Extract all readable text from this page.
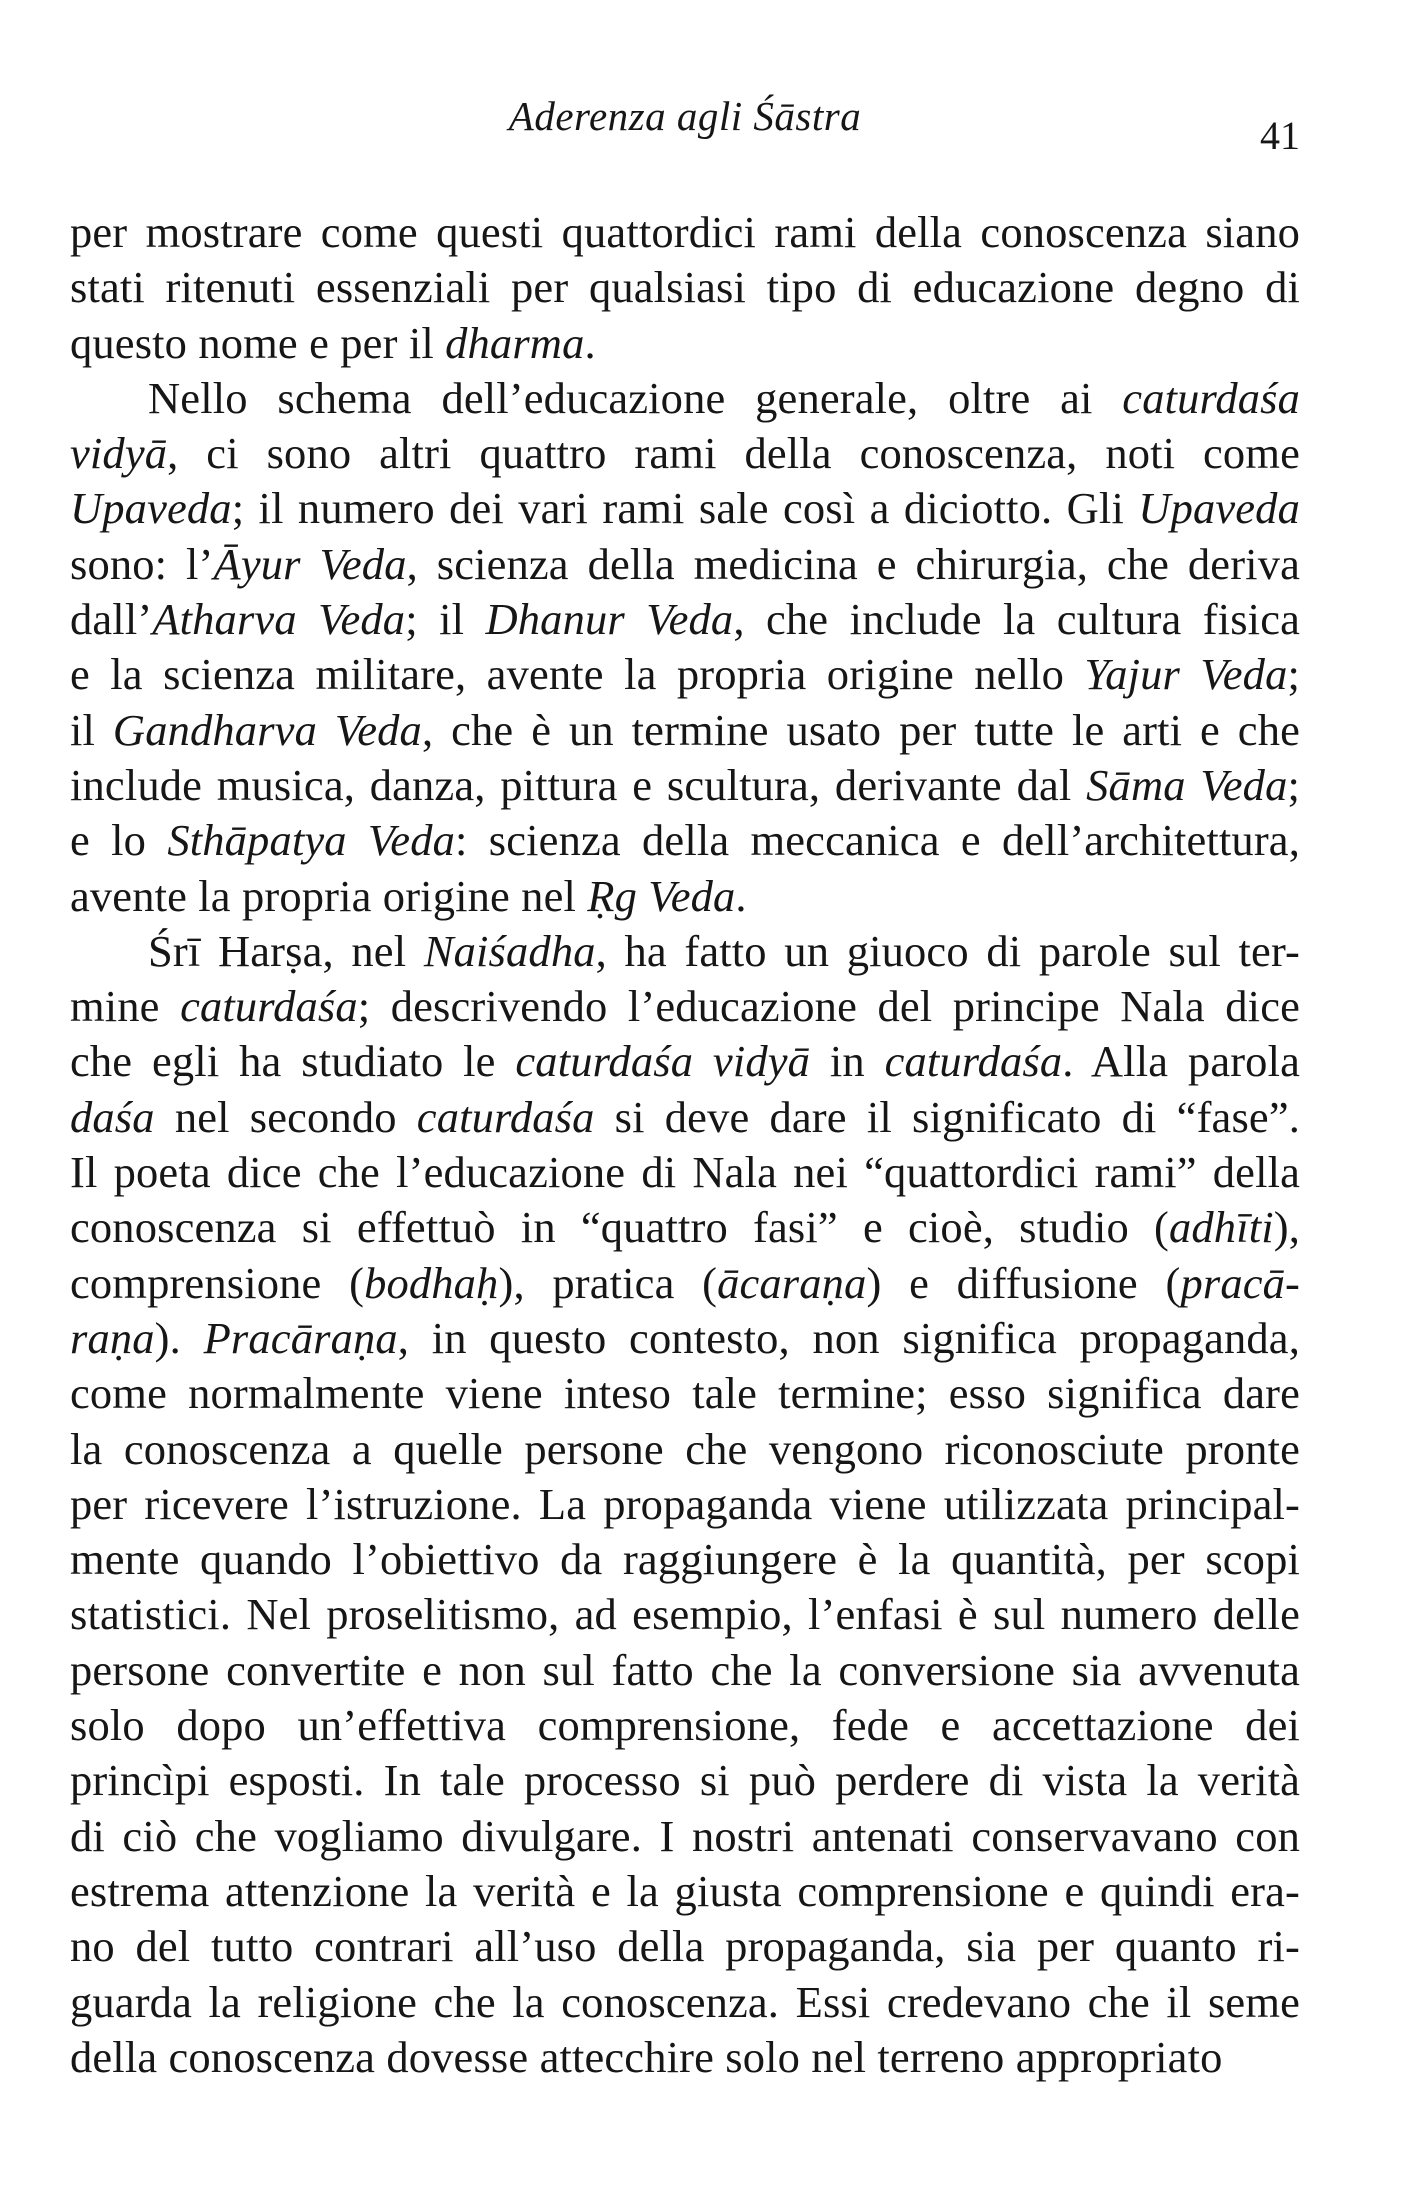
Aderenza agli Śāstra	41
per mostrare come questi quattordici rami della conoscenza siano
stati ritenuti essenziali per qualsiasi tipo di educazione degno di
questo nome e per il dharma.
Nello schema dell’educazione generale, oltre ai caturdaśa
vidyā, ci sono altri quattro rami della conoscenza, noti come
Upaveda; il numero dei vari rami sale così a diciotto. Gli Upaveda
sono: l’Āyur Veda, scienza della medicina e chirurgia, che deriva
dall’Atharva Veda; il Dhanur Veda, che include la cultura fisica
e la scienza militare, avente la propria origine nello Yajur Veda;
il Gandharva Veda, che è un termine usato per tutte le arti e che
include musica, danza, pittura e scultura, derivante dal Sāma Veda;
e lo Sthāpatya Veda: scienza della meccanica e dell’architettura,
avente la propria origine nel Ṛg Veda.
Śrī Harṣa, nel Naiśadha, ha fatto un giuoco di parole sul ter-
mine caturdaśa; descrivendo l’educazione del principe Nala dice
che egli ha studiato le caturdaśa vidyā in caturdaśa. Alla parola
daśa nel secondo caturdaśa si deve dare il significato di “fase”.
Il poeta dice che l’educazione di Nala nei “quattordici rami” della
conoscenza si effettuò in “quattro fasi” e cioè, studio (adhīti),
comprensione (bodhaḥ), pratica (ācaraṇa) e diffusione (pracā-
raṇa). Pracāraṇa, in questo contesto, non significa propaganda,
come normalmente viene inteso tale termine; esso significa dare
la conoscenza a quelle persone che vengono riconosciute pronte
per ricevere l’istruzione. La propaganda viene utilizzata principal-
mente quando l’obiettivo da raggiungere è la quantità, per scopi
statistici. Nel proselitismo, ad esempio, l’enfasi è sul numero delle
persone convertite e non sul fatto che la conversione sia avvenuta
solo dopo un’effettiva comprensione, fede e accettazione dei
princìpi esposti. In tale processo si può perdere di vista la verità
di ciò che vogliamo divulgare. I nostri antenati conservavano con
estrema attenzione la verità e la giusta comprensione e quindi era-
no del tutto contrari all’uso della propaganda, sia per quanto ri-
guarda la religione che la conoscenza. Essi credevano che il seme
della conoscenza dovesse attecchire solo nel terreno appropriato
